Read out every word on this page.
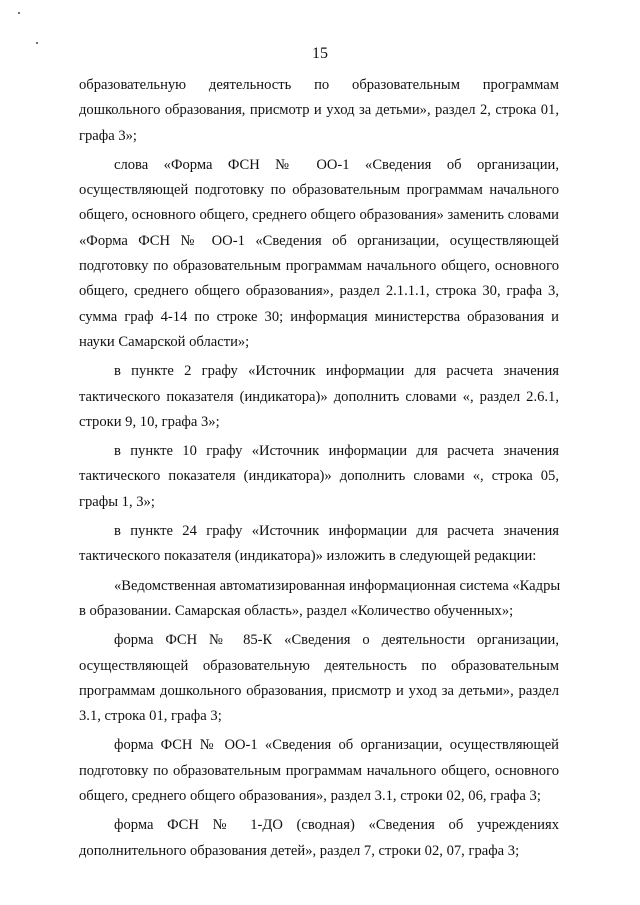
15

образовательную деятельность по образовательным программам
дошкольного образования, присмотр и уход за детьми», раздел 2, строка 01,
графа 3»;

слова «Форма ФСН № ОО-1 «Сведения об организации,
осуществляющей подготовку по образовательным программам начального
общего, основного общего, среднего общего образования» заменить словами
«Форма ФСН № ОО-1 «Сведения об организации, осуществляющей
подготовку по образовательным программам начального общего, основного
общего, среднего общего образования», раздел 2.1.1.1, строка 30, графа 3,
сумма граф 4-14 по строке 30; информация министерства образования и
науки Самарской области»;

в пункте 2 графу «Источник информации для расчета значения
тактического показателя (индикатора)» дополнить словами «, раздел 2.6.1,
строки 9, 10, графа 3»;

в пункте 10 графу «Источник информации для расчета значения
тактического показателя (индикатора)» дополнить словами «, строка 05,
графы 1, 3»;

в пункте 24 графу «Источник информации для расчета значения
тактического показателя (индикатора)» изложить в следующей редакции:

«Ведомственная автоматизированная информационная система «Кадры
в образовании. Самарская область», раздел «Количество обученных»;

форма ФСН № 85-К «Сведения о деятельности организации,
осуществляющей образовательную деятельность по образовательным
программам дошкольного образования, присмотр и уход за детьми», раздел
3.1, строка 01, графа 3;

форма ФСН № ОО-1 «Сведения об организации, осуществляющей
подготовку по образовательным программам начального общего, основного
общего, среднего общего образования», раздел 3.1, строки 02, 06, графа 3;

форма ФСН № 1-ДО (сводная) «Сведения об учреждениях
дополнительного образования детей», раздел 7, строки 02, 07, графа 3;
